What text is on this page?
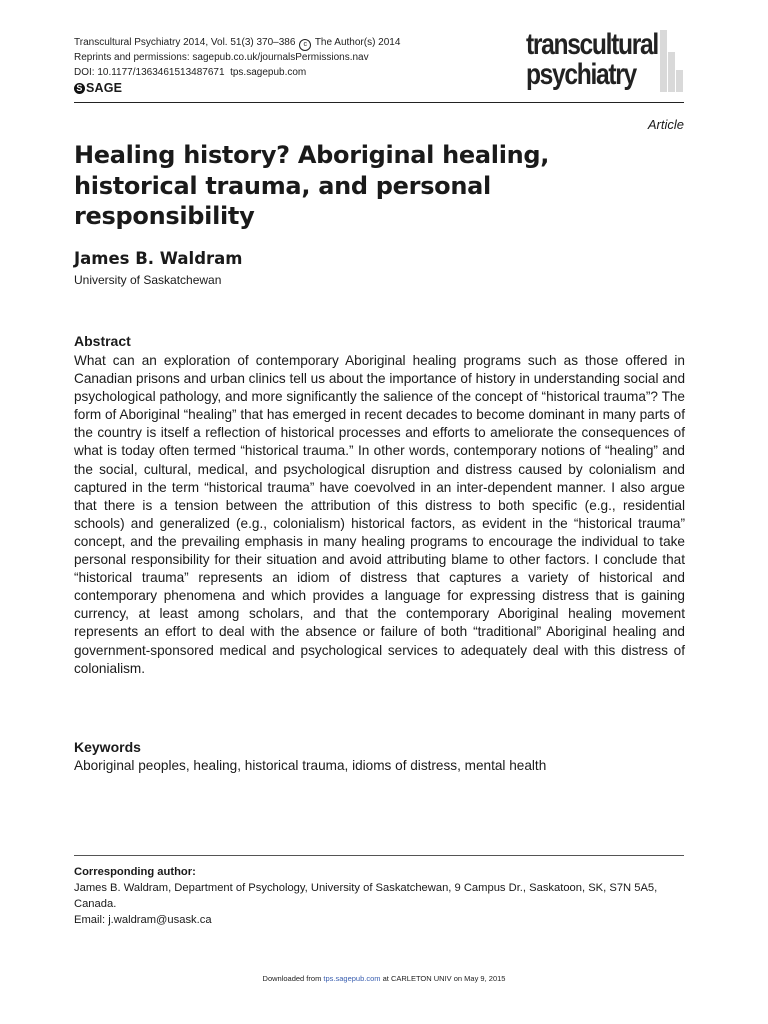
Transcultural Psychiatry 2014, Vol. 51(3) 370–386 c The Author(s) 2014
Reprints and permissions: sagepub.co.uk/journalsPermissions.nav
DOI: 10.1177/1363461513487671 tps.sagepub.com
S SAGE
transcultural
psychiatry
Article
Healing history? Aboriginal healing, historical trauma, and personal responsibility
James B. Waldram
University of Saskatchewan
Abstract

What can an exploration of contemporary Aboriginal healing programs such as those offered in Canadian prisons and urban clinics tell us about the importance of history in understanding social and psychological pathology, and more significantly the salience of the concept of “historical trauma”? The form of Aboriginal “healing” that has emerged in recent decades to become dominant in many parts of the country is itself a reflection of historical processes and efforts to ameliorate the consequences of what is today often termed “historical trauma.” In other words, contemporary notions of “healing” and the social, cultural, medical, and psychological disruption and distress caused by colonialism and captured in the term “historical trauma” have coevolved in an inter-dependent manner. I also argue that there is a tension between the attribution of this distress to both specific (e.g., residential schools) and generalized (e.g., colonialism) historical factors, as evident in the “historical trauma” concept, and the prevailing emphasis in many healing programs to encourage the individual to take personal responsibility for their situation and avoid attributing blame to other factors. I conclude that “historical trauma” represents an idiom of distress that captures a variety of historical and contemporary phenomena and which provides a language for expressing distress that is gaining currency, at least among scholars, and that the contemporary Aboriginal healing movement represents an effort to deal with the absence or failure of both “traditional” Aboriginal healing and government-sponsored medical and psychological services to adequately deal with this distress of colonialism.

Keywords
Aboriginal peoples, healing, historical trauma, idioms of distress, mental health
Corresponding author:
James B. Waldram, Department of Psychology, University of Saskatchewan, 9 Campus Dr., Saskatoon, SK, S7N 5A5, Canada.
Email: j.waldram@usask.ca
Downloaded from tps.sagepub.com at CARLETON UNIV on May 9, 2015
